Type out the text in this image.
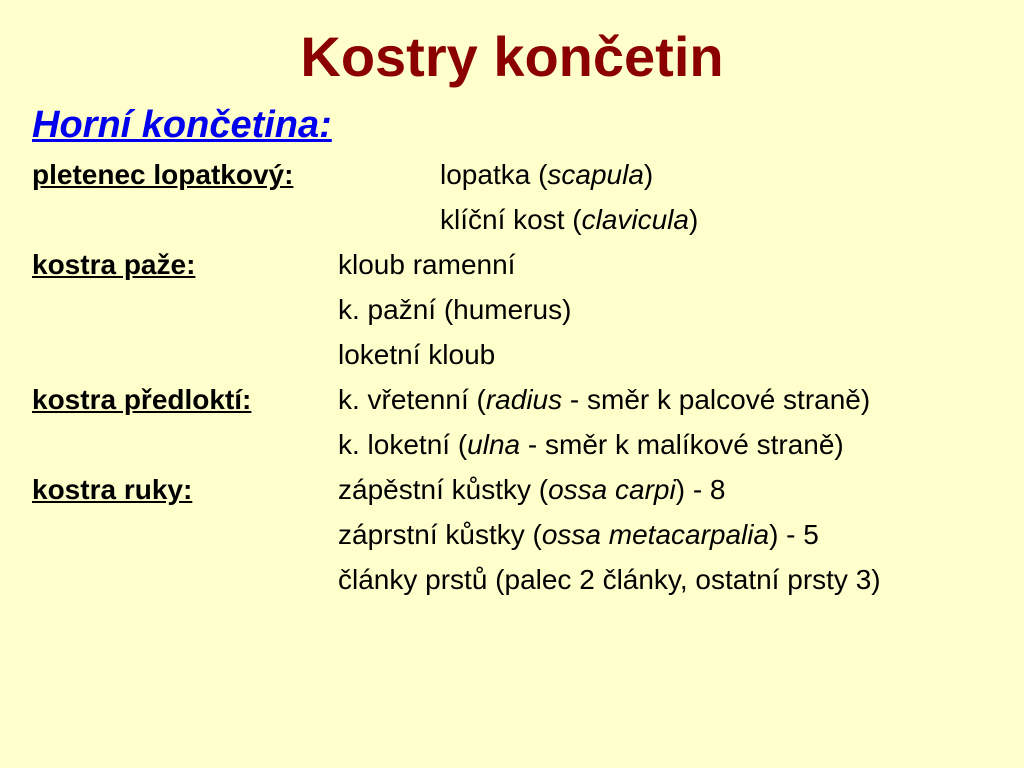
Kostry končetin
Horní končetina:
pletenec lopatkový:	lopatka (scapula)
klíční kost (clavicula)
kostra paže:	kloub ramenní
k. pažní (humerus)
loketní kloub
kostra předloktí:	k. vřetenní (radius - směr k palcové straně)
k. loketní (ulna - směr k malíkové straně)
kostra ruky:	zápěstní kůstky (ossa carpi) - 8
záprstní kůstky (ossa metacarpalia) - 5
články prstů (palec 2 články, ostatní prsty 3)
